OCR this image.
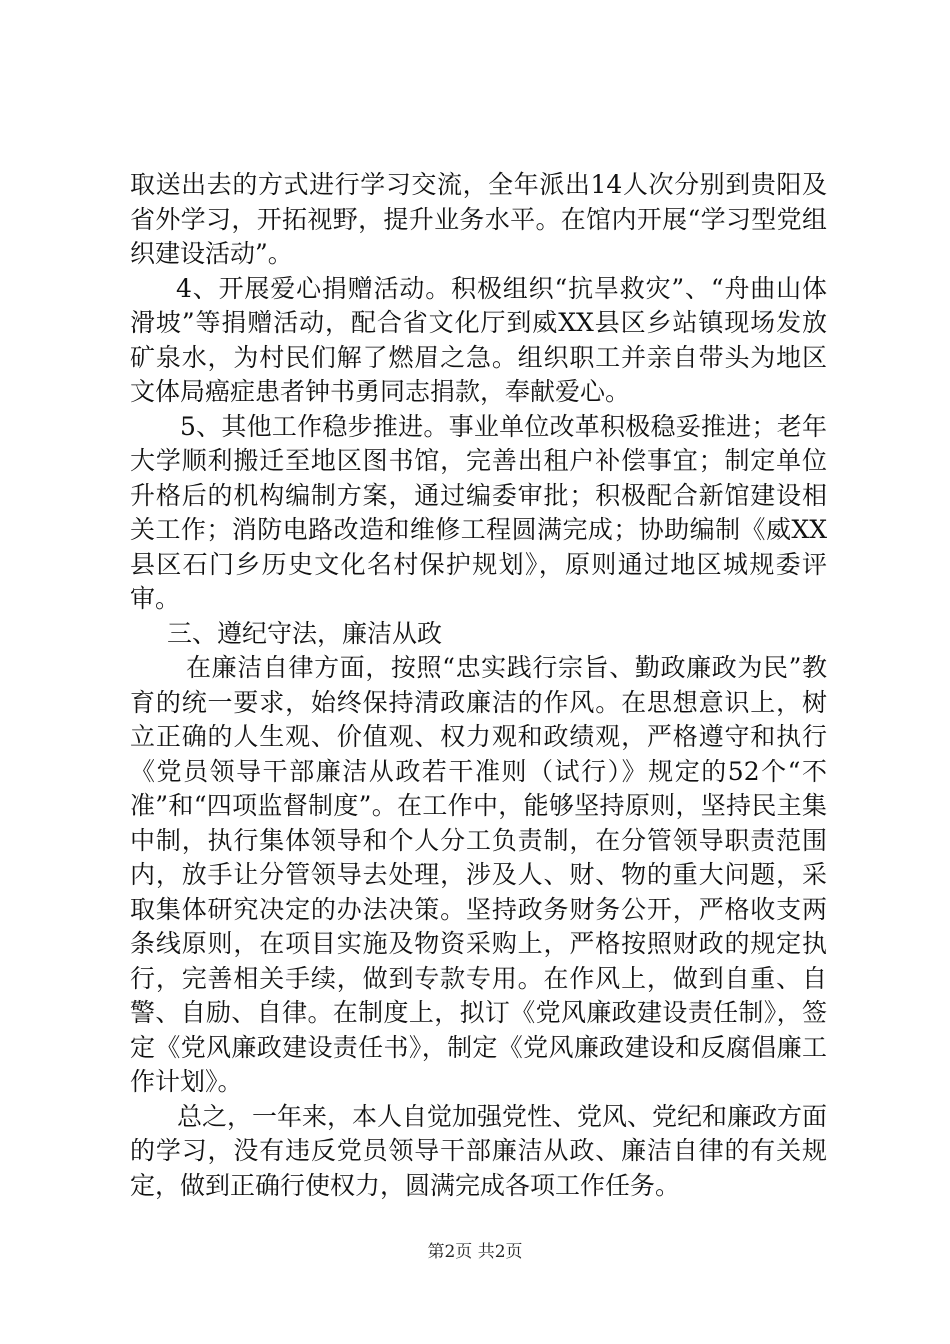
取送出去的方式进行学习交流，全年派出14人次分别到贵阳及省外学习，开拓视野，提升业务水平。在馆内开展“学习型党组织建设活动”。

4、开展爱心捐赠活动。积极组织“抗旱救灾”、“舟曲山体滑坡”等捐赠活动，配合省文化厅到威XX县区乡站镇现场发放矿泉水，为村民们解了燃眉之急。组织职工并亲自带头为地区文体局癌症患者钟书勇同志捐款，奉献爱心。

5、其他工作稳步推进。事业单位改革积极稳妥推进；老年大学顺利搬迁至地区图书馆，完善出租户补偿事宜；制定单位升格后的机构编制方案，通过编委审批；积极配合新馆建设相关工作；消防电路改造和维修工程圆满完成；协助编制《威XX县区石门乡历史文化名村保护规划》，原则通过地区城规委评审。

三、遵纪守法，廉洁从政

在廉洁自律方面，按照“忠实践行宗旨、勤政廉政为民”教育的统一要求，始终保持清政廉洁的作风。在思想意识上，树立正确的人生观、价值观、权力观和政绩观，严格遵守和执行《党员领导干部廉洁从政若干准则（试行）》规定的52个“不准”和“四项监督制度”。在工作中，能够坚持原则，坚持民主集中制，执行集体领导和个人分工负责制，在分管领导职责范围内，放手让分管领导去处理，涉及人、财、物的重大问题，采取集体研究决定的办法决策。坚持政务财务公开，严格收支两条线原则，在项目实施及物资采购上，严格按照财政的规定执行，完善相关手续，做到专款专用。在作风上，做到自重、自警、自励、自律。在制度上，拟订《党风廉政建设责任制》，签定《党风廉政建设责任书》，制定《党风廉政建设和反腐倡廉工作计划》。

总之，一年来，本人自觉加强党性、党风、党纪和廉政方面的学习，没有违反党员领导干部廉洁从政、廉洁自律的有关规定，做到正确行使权力，圆满完成各项工作任务。

第2页 共2页
